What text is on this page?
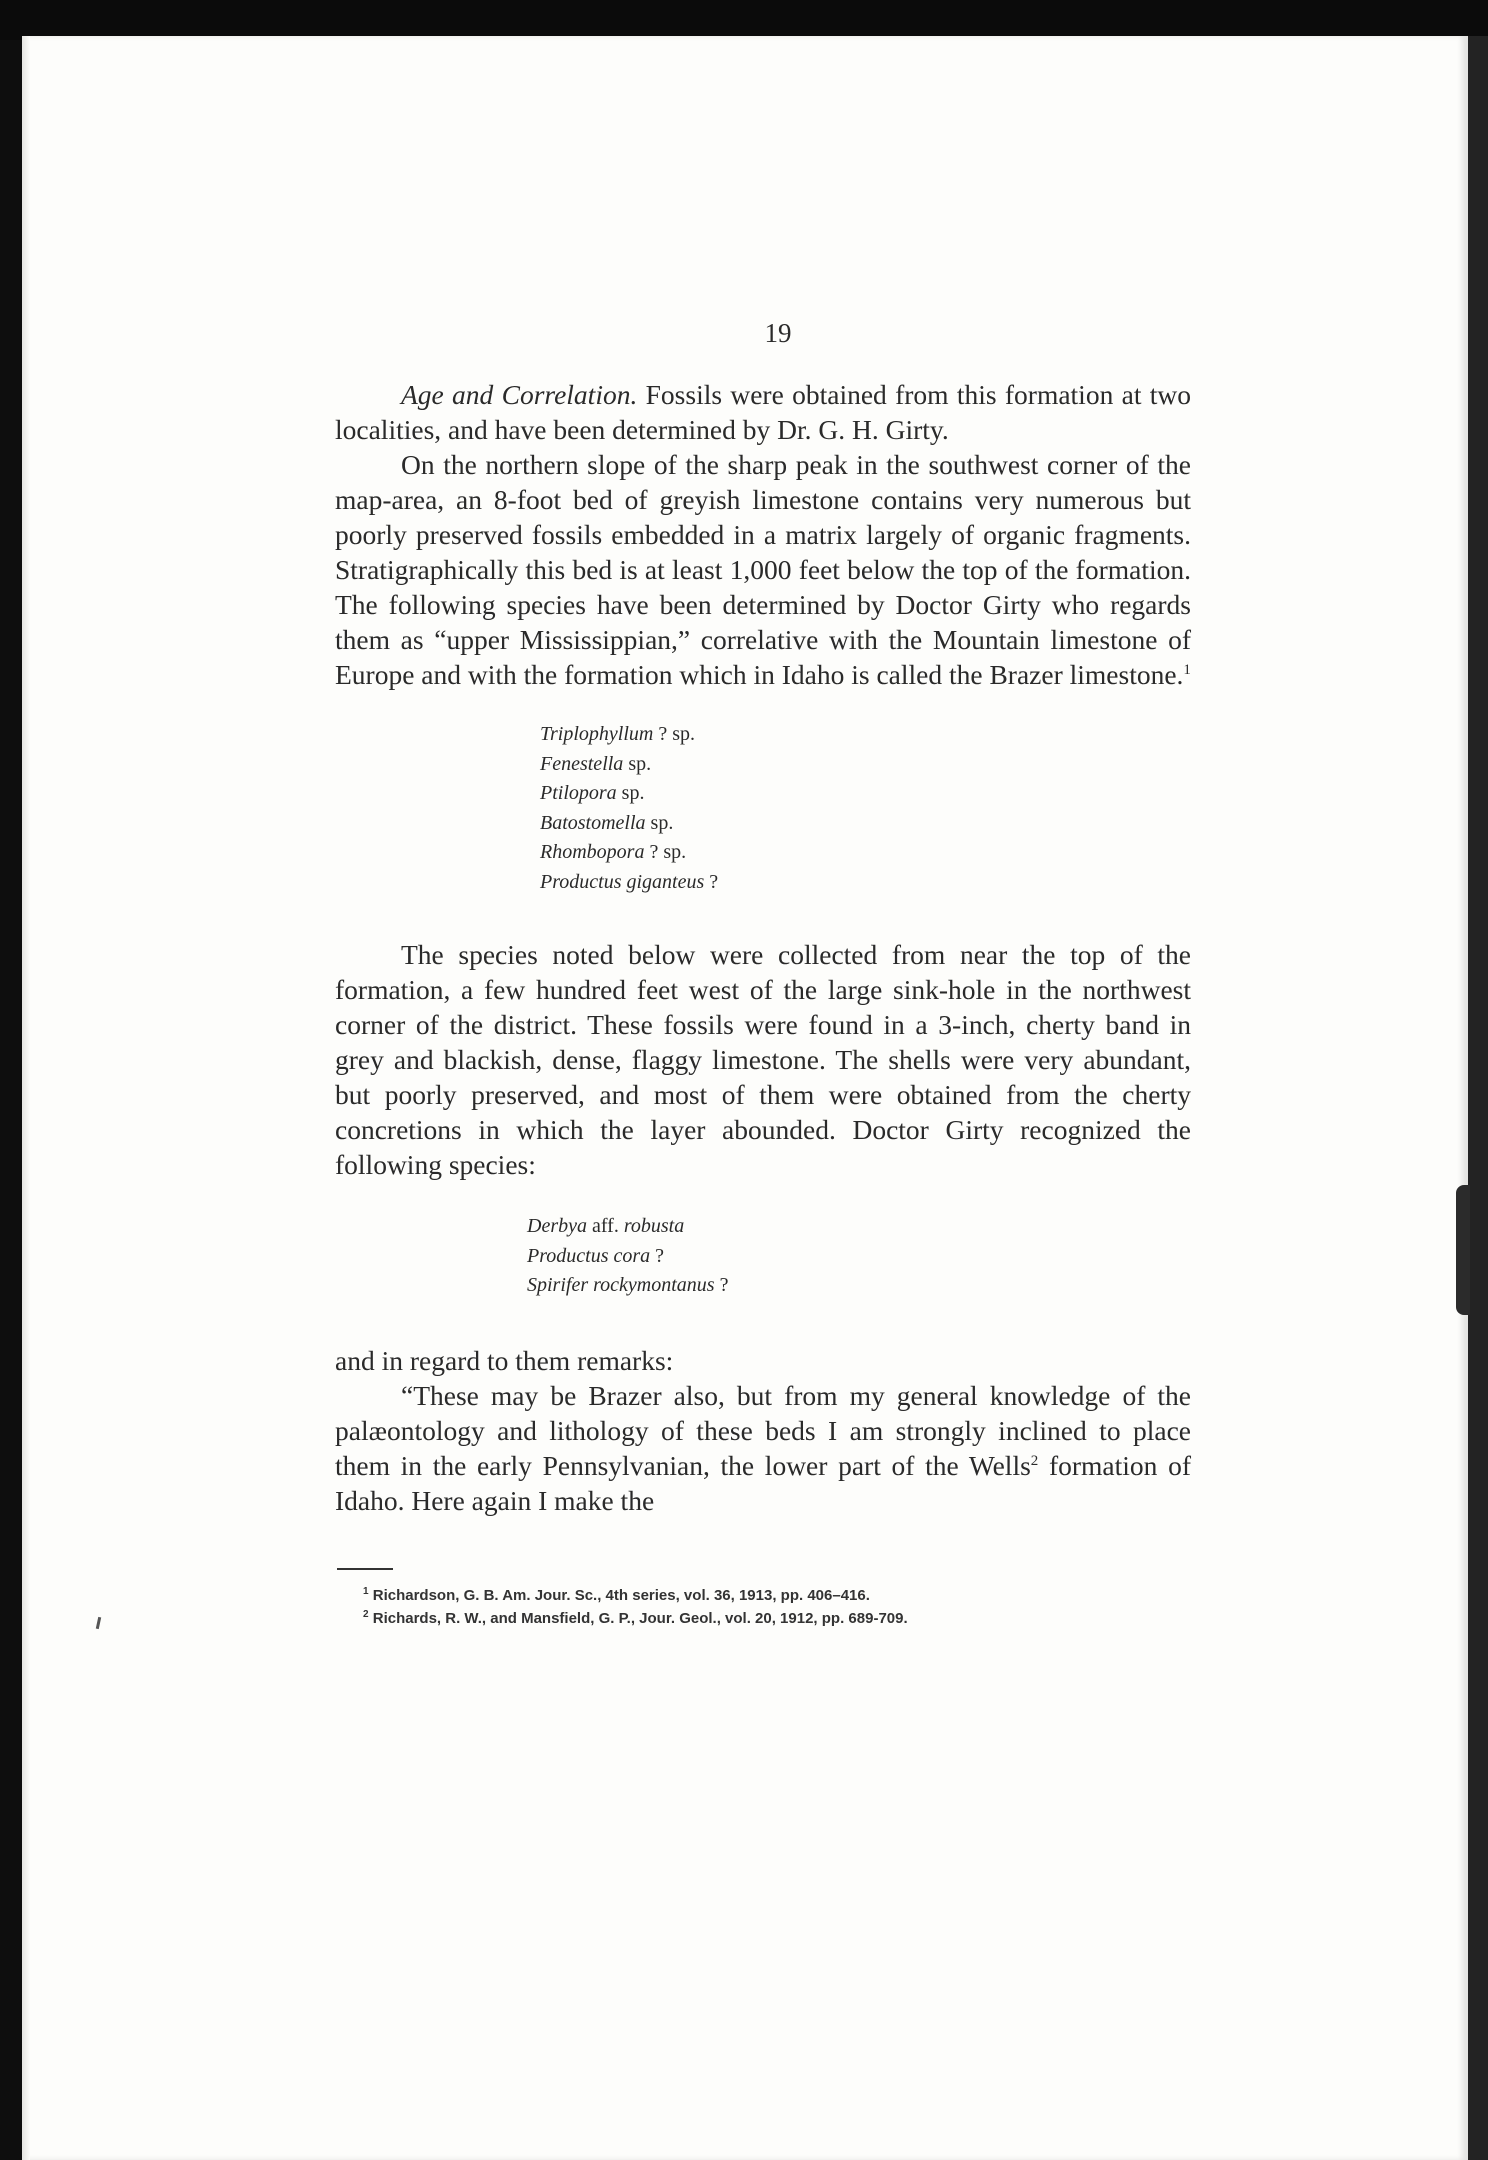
19

Age and Correlation. Fossils were obtained from this formation at two localities, and have been determined by Dr. G. H. Girty.

On the northern slope of the sharp peak in the southwest corner of the map-area, an 8-foot bed of greyish limestone contains very numerous but poorly preserved fossils embedded in a matrix largely of organic fragments. Stratigraphically this bed is at least 1,000 feet below the top of the formation. The following species have been determined by Doctor Girty who regards them as “upper Mississippian,” correlative with the Mountain limestone of Europe and with the formation which in Idaho is called the Brazer limestone.$^1$

Triplophyllum ? sp.
Fenestella sp.
Ptilopora sp.
Batostomella sp.
Rhombopora ? sp.
Productus giganteus ?

The species noted below were collected from near the top of the formation, a few hundred feet west of the large sink-hole in the northwest corner of the district. These fossils were found in a 3-inch, cherty band in grey and blackish, dense, flaggy limestone. The shells were very abundant, but poorly preserved, and most of them were obtained from the cherty concretions in which the layer abounded. Doctor Girty recognized the following species:

Derbya aff. robusta
Productus cora ?
Spirifer rockymontanus ?

and in regard to them remarks:

“These may be Brazer also, but from my general knowledge of the palæontology and lithology of these beds I am strongly inclined to place them in the early Pennsylvanian, the lower part of the Wells$^2$ formation of Idaho. Here again I make the

$^1$ Richardson, G. B. Am. Jour. Sc., 4th series, vol. 36, 1913, pp. 406–416.
$^2$ Richards, R. W., and Mansfield, G. P., Jour. Geol., vol. 20, 1912, pp. 689-709.
